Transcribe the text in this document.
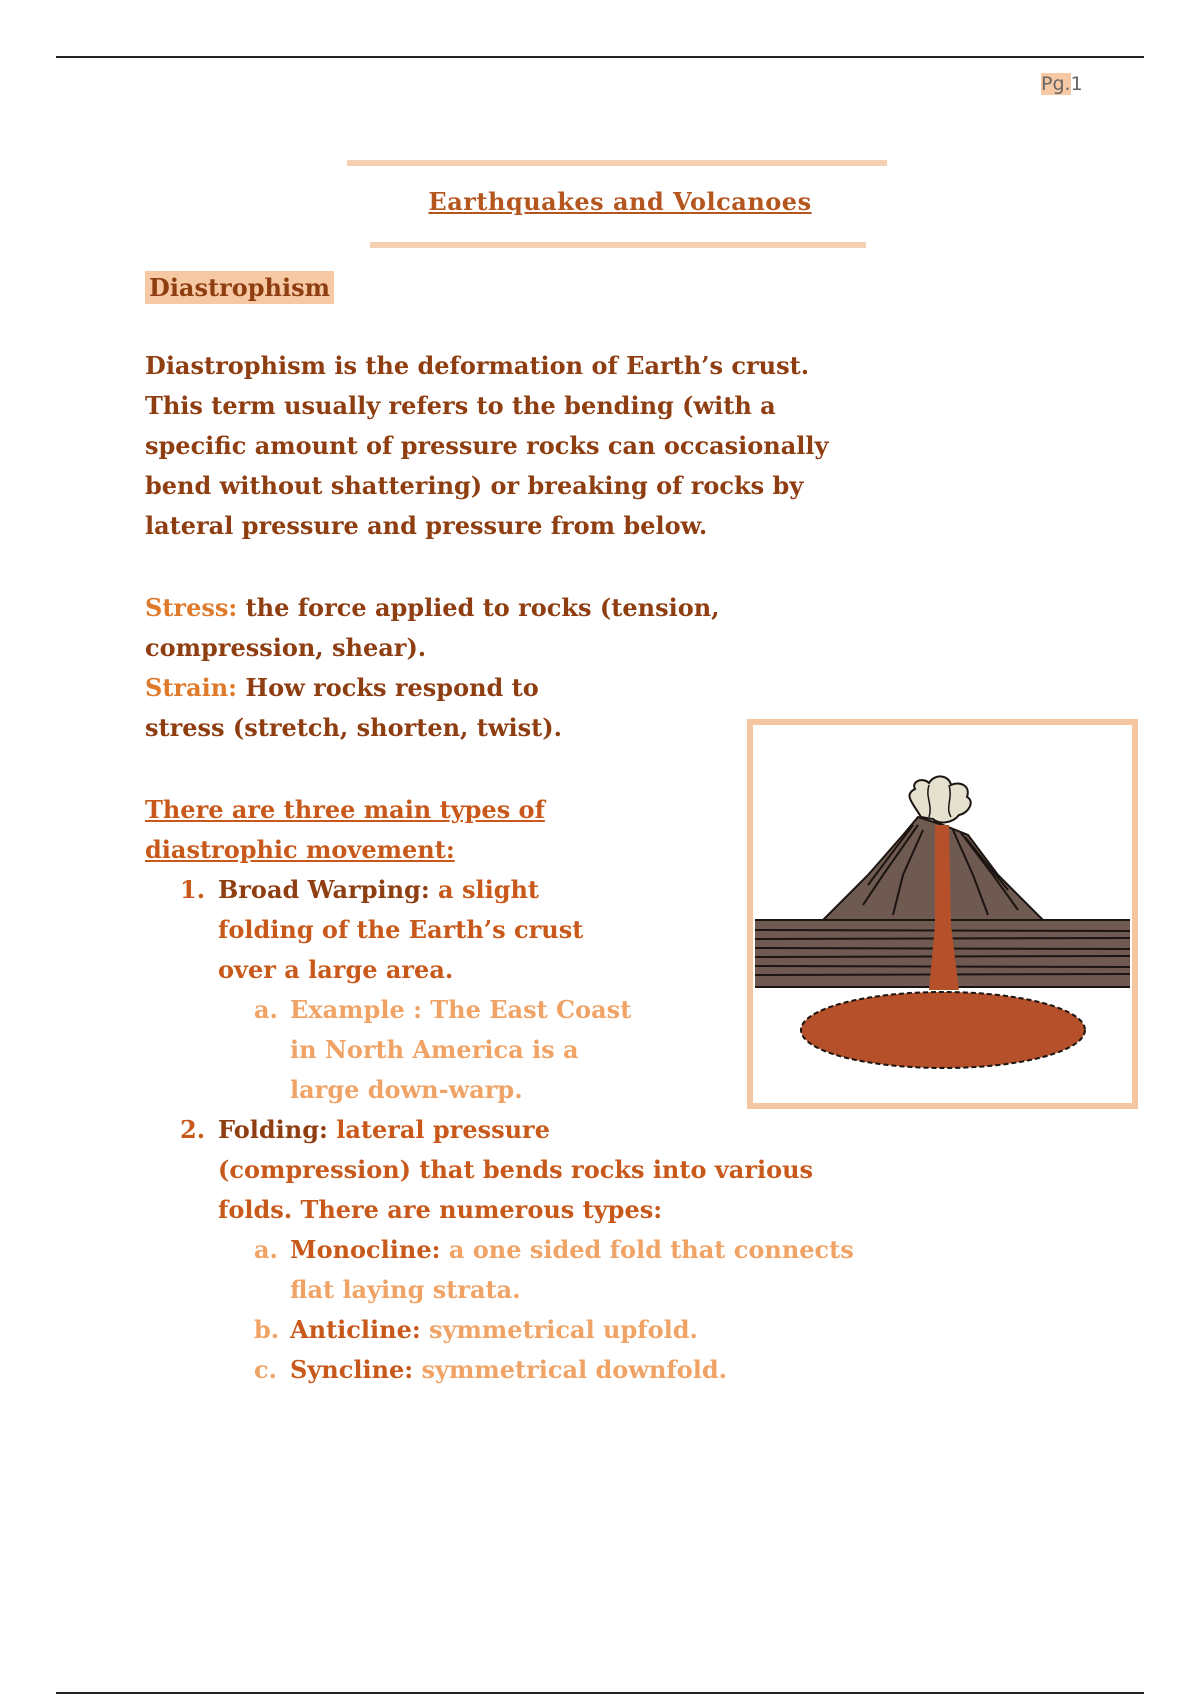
Pg.1
Earthquakes and Volcanoes
Diastrophism

Diastrophism is the deformation of Earth’s crust.

This term usually refers to the bending (with a

specific amount of pressure rocks can occasionally

bend without shattering) or breaking of rocks by

lateral pressure and pressure from below.

Stress: the force applied to rocks (tension,

compression, shear).

Strain: How rocks respond to

stress (stretch, shorten, twist).

There are three main types of

diastrophic movement:

1. Broad Warping: a slight

folding of the Earth’s crust

over a large area.

a. Example : The East Coast

in North America is a

large down-warp.

2. Folding: lateral pressure

(compression) that bends rocks into various

folds. There are numerous types:

a. Monocline: a one sided fold that connects

flat laying strata.

b. Anticline: symmetrical upfold.

c. Syncline: symmetrical downfold.
